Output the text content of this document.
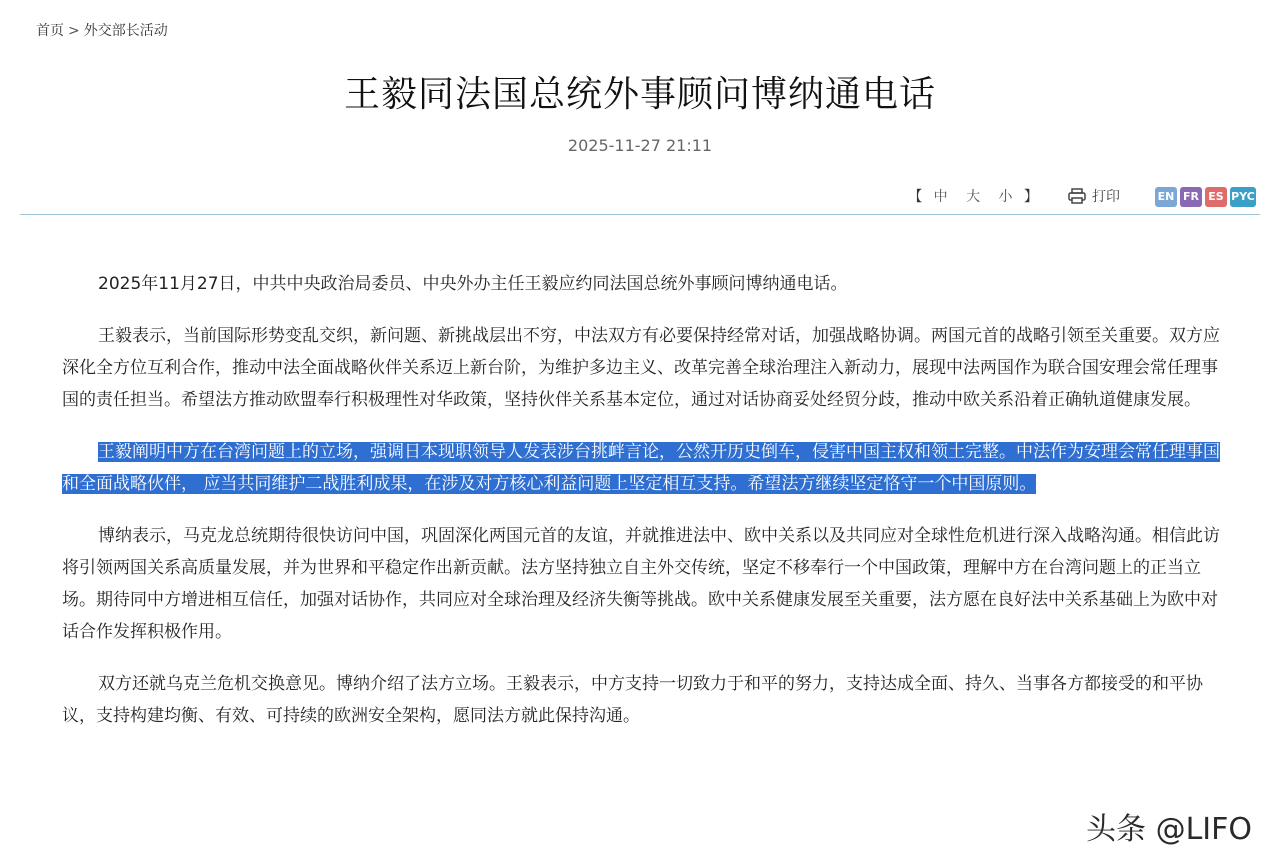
首页 > 外交部长活动
王毅同法国总统外事顾问博纳通电话
2025-11-27 21:11
【 中 大 小 】	打印	EN FR ES PYC

2025年11月27日，中共中央政治局委员、中央外办主任王毅应约同法国总统外事顾问博纳通电话。

王毅表示，当前国际形势变乱交织，新问题、新挑战层出不穷，中法双方有必要保持经常对话，加强战略协调。两国元首的战略引领至关重要。双方应深化全方位互利合作，推动中法全面战略伙伴关系迈上新台阶，为维护多边主义、改革完善全球治理注入新动力，展现中法两国作为联合国安理会常任理事国的责任担当。希望法方推动欧盟奉行积极理性对华政策，坚持伙伴关系基本定位，通过对话协商妥处经贸分歧，推动中欧关系沿着正确轨道健康发展。

王毅阐明中方在台湾问题上的立场，强调日本现职领导人发表涉台挑衅言论，公然开历史倒车，侵害中国主权和领土完整。中法作为安理会常任理事国和全面战略伙伴， 应当共同维护二战胜利成果，在涉及对方核心利益问题上坚定相互支持。希望法方继续坚定恪守一个中国原则。

博纳表示，马克龙总统期待很快访问中国，巩固深化两国元首的友谊，并就推进法中、欧中关系以及共同应对全球性危机进行深入战略沟通。相信此访将引领两国关系高质量发展，并为世界和平稳定作出新贡献。法方坚持独立自主外交传统，坚定不移奉行一个中国政策，理解中方在台湾问题上的正当立场。期待同中方增进相互信任，加强对话协作，共同应对全球治理及经济失衡等挑战。欧中关系健康发展至关重要，法方愿在良好法中关系基础上为欧中对话合作发挥积极作用。

双方还就乌克兰危机交换意见。博纳介绍了法方立场。王毅表示，中方支持一切致力于和平的努力，支持达成全面、持久、当事各方都接受的和平协议，支持构建均衡、有效、可持续的欧洲安全架构，愿同法方就此保持沟通。

头条 @LIFO
